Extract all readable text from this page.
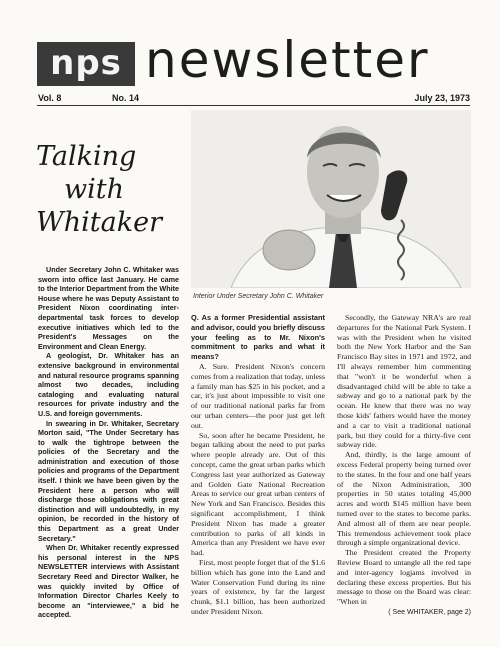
nps newsletter
Vol. 8	No. 14	July 23, 1973
Talking
with
Whitaker
Interior Under Secretary John C. Whitaker

Under Secretary John C. Whitaker was sworn into office last January. He came to the Interior Department from the White House where he was Deputy Assistant to President Nixon coordinating inter-departmental task forces to develop executive initiatives which led to the President's Messages on the Environment and Clean Energy.

A geologist, Dr. Whitaker has an extensive background in environmental and natural resource programs spanning almost two decades, including cataloging and evaluating natural resources for private industry and the U.S. and foreign governments.

In swearing in Dr. Whitaker, Secretary Morton said, "The Under Secretary has to walk the tightrope between the policies of the Secretary and the administration and execution of those policies and programs of the Department itself. I think we have been given by the President here a person who will discharge those obligations with great distinction and will undoubtedly, in my opinion, be recorded in the history of this Department as a great Under Secretary."

When Dr. Whitaker recently expressed his personal interest in the NPS NEWSLETTER interviews with Assistant Secretary Reed and Director Walker, he was quickly invited by Office of Information Director Charles Keely to become an "interviewee," a bid he accepted.

Q. As a former Presidential assistant and advisor, could you briefly discuss your feeling as to Mr. Nixon's commitment to parks and what it means?

A. Sure. President Nixon's concern comes from a realization that today, unless a family man has $25 in his pocket, and a car, it's just about impossible to visit one of our traditional national parks far from our urban centers—the poor just get left out.

So, soon after he became President, he began talking about the need to put parks where people already are. Out of this concept, came the great urban parks which Congress last year authorized as Gateway and Golden Gate National Recreation Areas to service our great urban centers of New York and San Francisco. Besides this significant accomplishment, I think President Nixon has made a greater contribution to parks of all kinds in America than any President we have ever had.

First, most people forget that of the $1.6 billion which has gone into the Land and Water Conservation Fund during its nine years of existence, by far the largest chunk, $1.1 billion, has been authorized under President Nixon.

Secondly, the Gateway NRA's are real departures for the National Park System. I was with the President when he visited both the New York Harbor and the San Francisco Bay sites in 1971 and 1972, and I'll always remember him commenting that "won't it be wonderful when a disadvantaged child will be able to take a subway and go to a national park by the ocean. He knew that there was no way those kids' fathers would have the money and a car to visit a traditional national park, but they could for a thirty-five cent subway ride.

And, thirdly, is the large amount of excess Federal property being turned over to the states. In the four and one half years of the Nixon Administration, 300 properties in 50 states totaling 45,000 acres and worth $145 million have been turned over to the states to become parks. And almost all of them are near people. This tremendous achievement took place through a simple organizational device.

The President created the Property Review Board to untangle all the red tape and inter-agency logjams involved in declaring these excess properties. But his message to those on the Board was clear: "When in

( See WHITAKER, page 2)
